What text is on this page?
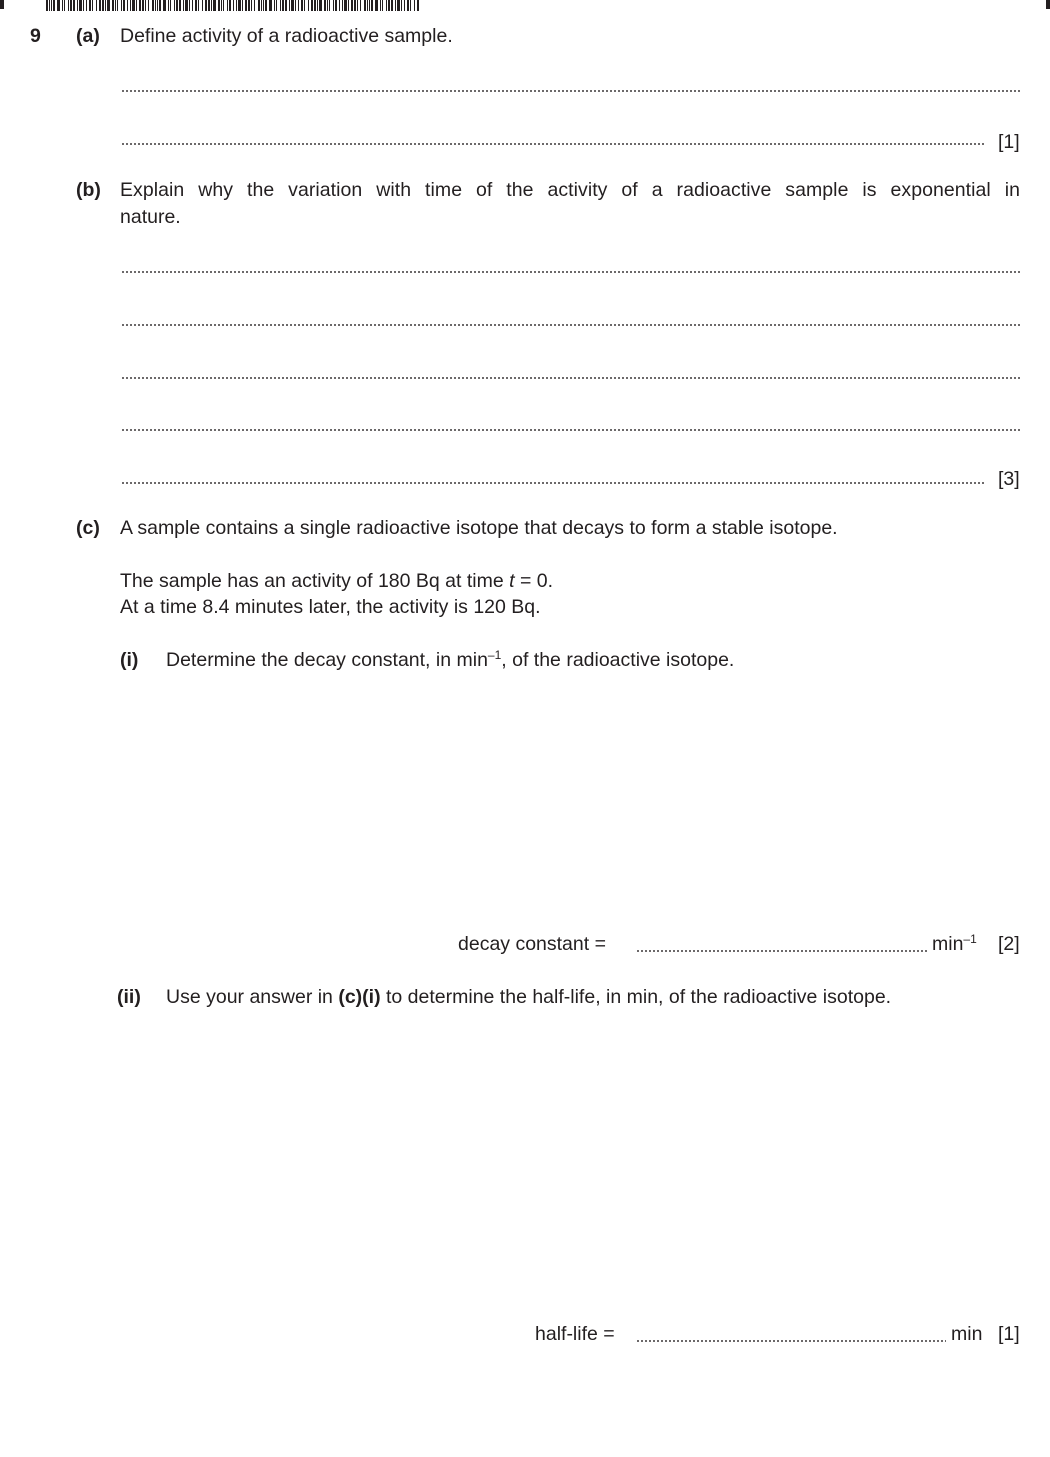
9 (a) Define activity of a radioactive sample.
[1]
(b) Explain why the variation with time of the activity of a radioactive sample is exponential in
nature.
[3]
(c) A sample contains a single radioactive isotope that decays to form a stable isotope.
The sample has an activity of 180 Bq at time t = 0.
At a time 8.4 minutes later, the activity is 120 Bq.
(i) Determine the decay constant, in $\min^{-1}$, of the radioactive isotope.
decay constant =	$\min^{-1} [2]$
(ii) Use your answer in (c)(i) to determine the half-life, in min, of the radioactive isotope.
half-life =	min [1]
